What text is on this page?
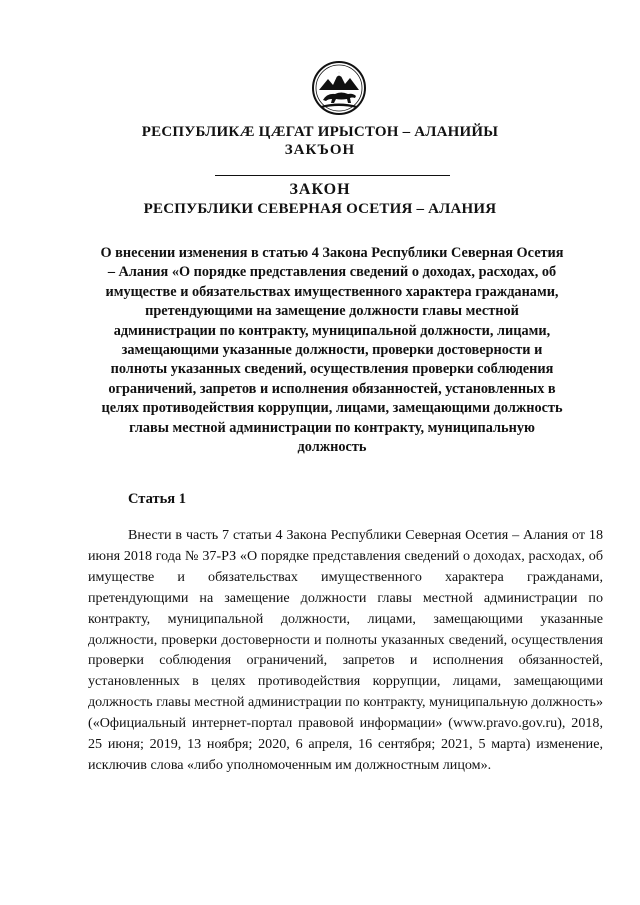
РЕСПУБЛИКÆ ЦÆГАТ ИРЫСТОН – АЛАНИЙЫ
ЗАКЪОН
ЗАКОН
РЕСПУБЛИКИ СЕВЕРНАЯ ОСЕТИЯ – АЛАНИЯ

О внесении изменения в статью 4 Закона Республики Северная Осетия – Алания «О порядке представления сведений о доходах, расходах, об имуществе и обязательствах имущественного характера гражданами, претендующими на замещение должности главы местной администрации по контракту, муниципальной должности, лицами, замещающими указанные должности, проверки достоверности и полноты указанных сведений, осуществления проверки соблюдения ограничений, запретов и исполнения обязанностей, установленных в целях противодействия коррупции, лицами, замещающими должность главы местной администрации по контракту, муниципальную должность

Статья 1

Внести в часть 7 статьи 4 Закона Республики Северная Осетия – Алания от 18 июня 2018 года № 37-РЗ «О порядке представления сведений о доходах, расходах, об имуществе и обязательствах имущественного характера гражданами, претендующими на замещение должности главы местной администрации по контракту, муниципальной должности, лицами, замещающими указанные должности, проверки достоверности и полноты указанных сведений, осуществления проверки соблюдения ограничений, запретов и исполнения обязанностей, установленных в целях противодействия коррупции, лицами, замещающими должность главы местной администрации по контракту, муниципальную должность» («Официальный интернет-портал правовой информации» (www.pravo.gov.ru), 2018, 25 июня; 2019, 13 ноября; 2020, 6 апреля, 16 сентября; 2021, 5 марта) изменение, исключив слова «либо уполномоченным им должностным лицом».
